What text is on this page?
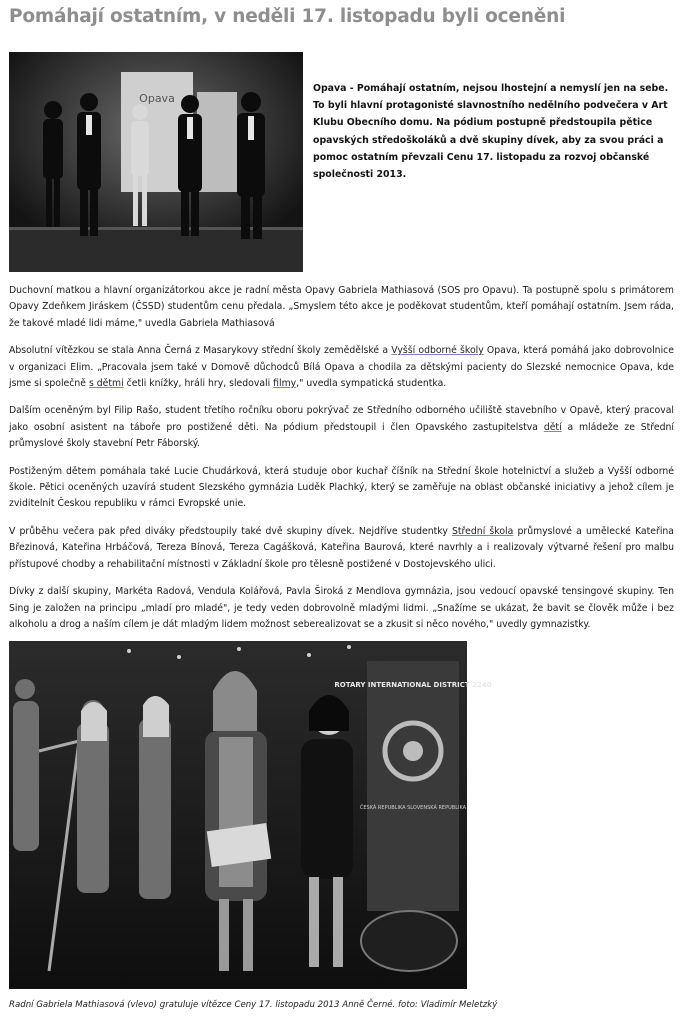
Pomáhají ostatním, v neděli 17. listopadu byli oceněni
Opava
Opava - Pomáhají ostatním, nejsou lhostejní a nemyslí jen na sebe. To byli hlavní protagonisté slavnostního nedělního podvečera v Art Klubu Obecního domu. Na pódium postupně předstoupila pětice opavských středoškoláků a dvě skupiny dívek, aby za svou práci a pomoc ostatním převzali Cenu 17. listopadu za rozvoj občanské společnosti 2013.

Duchovní matkou a hlavní organizátorkou akce je radní města Opavy Gabriela Mathiasová (SOS pro Opavu). Ta postupně spolu s primátorem Opavy Zdeňkem Jiráskem (ČSSD) studentům cenu předala. „Smyslem této akce je poděkovat studentům, kteří pomáhají ostatním. Jsem ráda, že takové mladé lidi máme," uvedla Gabriela Mathiasová

Absolutní vítězkou se stala Anna Černá z Masarykovy střední školy zemědělské a Vyšší odborné školy Opava, která pomáhá jako dobrovolnice v organizaci Elim. „Pracovala jsem také v Domově důchodců Bílá Opava a chodila za dětskými pacienty do Slezské nemocnice Opava, kde jsme si společně s dětmi četli knížky, hráli hry, sledovali filmy," uvedla sympatická studentka.

Dalším oceněným byl Filip Rašo, student třetího ročníku oboru pokrývač ze Středního odborného učiliště stavebního v Opavě, který pracoval jako osobní asistent na táboře pro postižené děti. Na pódium předstoupil i člen Opavského zastupitelstva dětí a mládeže ze Střední průmyslové školy stavební Petr Fáborský.

Postiženým dětem pomáhala také Lucie Chudárková, která studuje obor kuchař číšník na Střední škole hotelnictví a služeb a Vyšší odborné škole. Pětici oceněných uzavírá student Slezského gymnázia Luděk Plachký, který se zaměřuje na oblast občanské iniciativy a jehož cílem je zviditelnit Českou republiku v rámci Evropské unie.

V průběhu večera pak před diváky předstoupily také dvě skupiny dívek. Nejdříve studentky Střední škola průmyslové a umělecké Kateřina Březinová, Kateřina Hrbáčová, Tereza Bínová, Tereza Cagášková, Kateřina Baurová, které navrhly a i realizovaly výtvarné řešení pro malbu přístupové chodby a rehabilitační místnosti v Základní škole pro tělesně postižené v Dostojevského ulici.

Dívky z další skupiny, Markéta Radová, Vendula Kolářová, Pavla Široká z Mendlova gymnázia, jsou vedoucí opavské tensingové skupiny. Ten Sing je založen na principu „mladí pro mladé", je tedy veden dobrovolně mladými lidmi. „Snažíme se ukázat, že bavit se člověk může i bez alkoholu a drog a naším cílem je dát mladým lidem možnost seberealizovat se a zkusit si něco nového," uvedly gymnazistky.

ROTARY INTERNATIONAL DISTRICT 2240
ČESKÁ REPUBLIKA SLOVENSKÁ REPUBLIKA
Radní Gabriela Mathiasová (vlevo) gratuluje vítězce Ceny 17. listopadu 2013 Anně Černé. foto: Vladimír Meletzký
